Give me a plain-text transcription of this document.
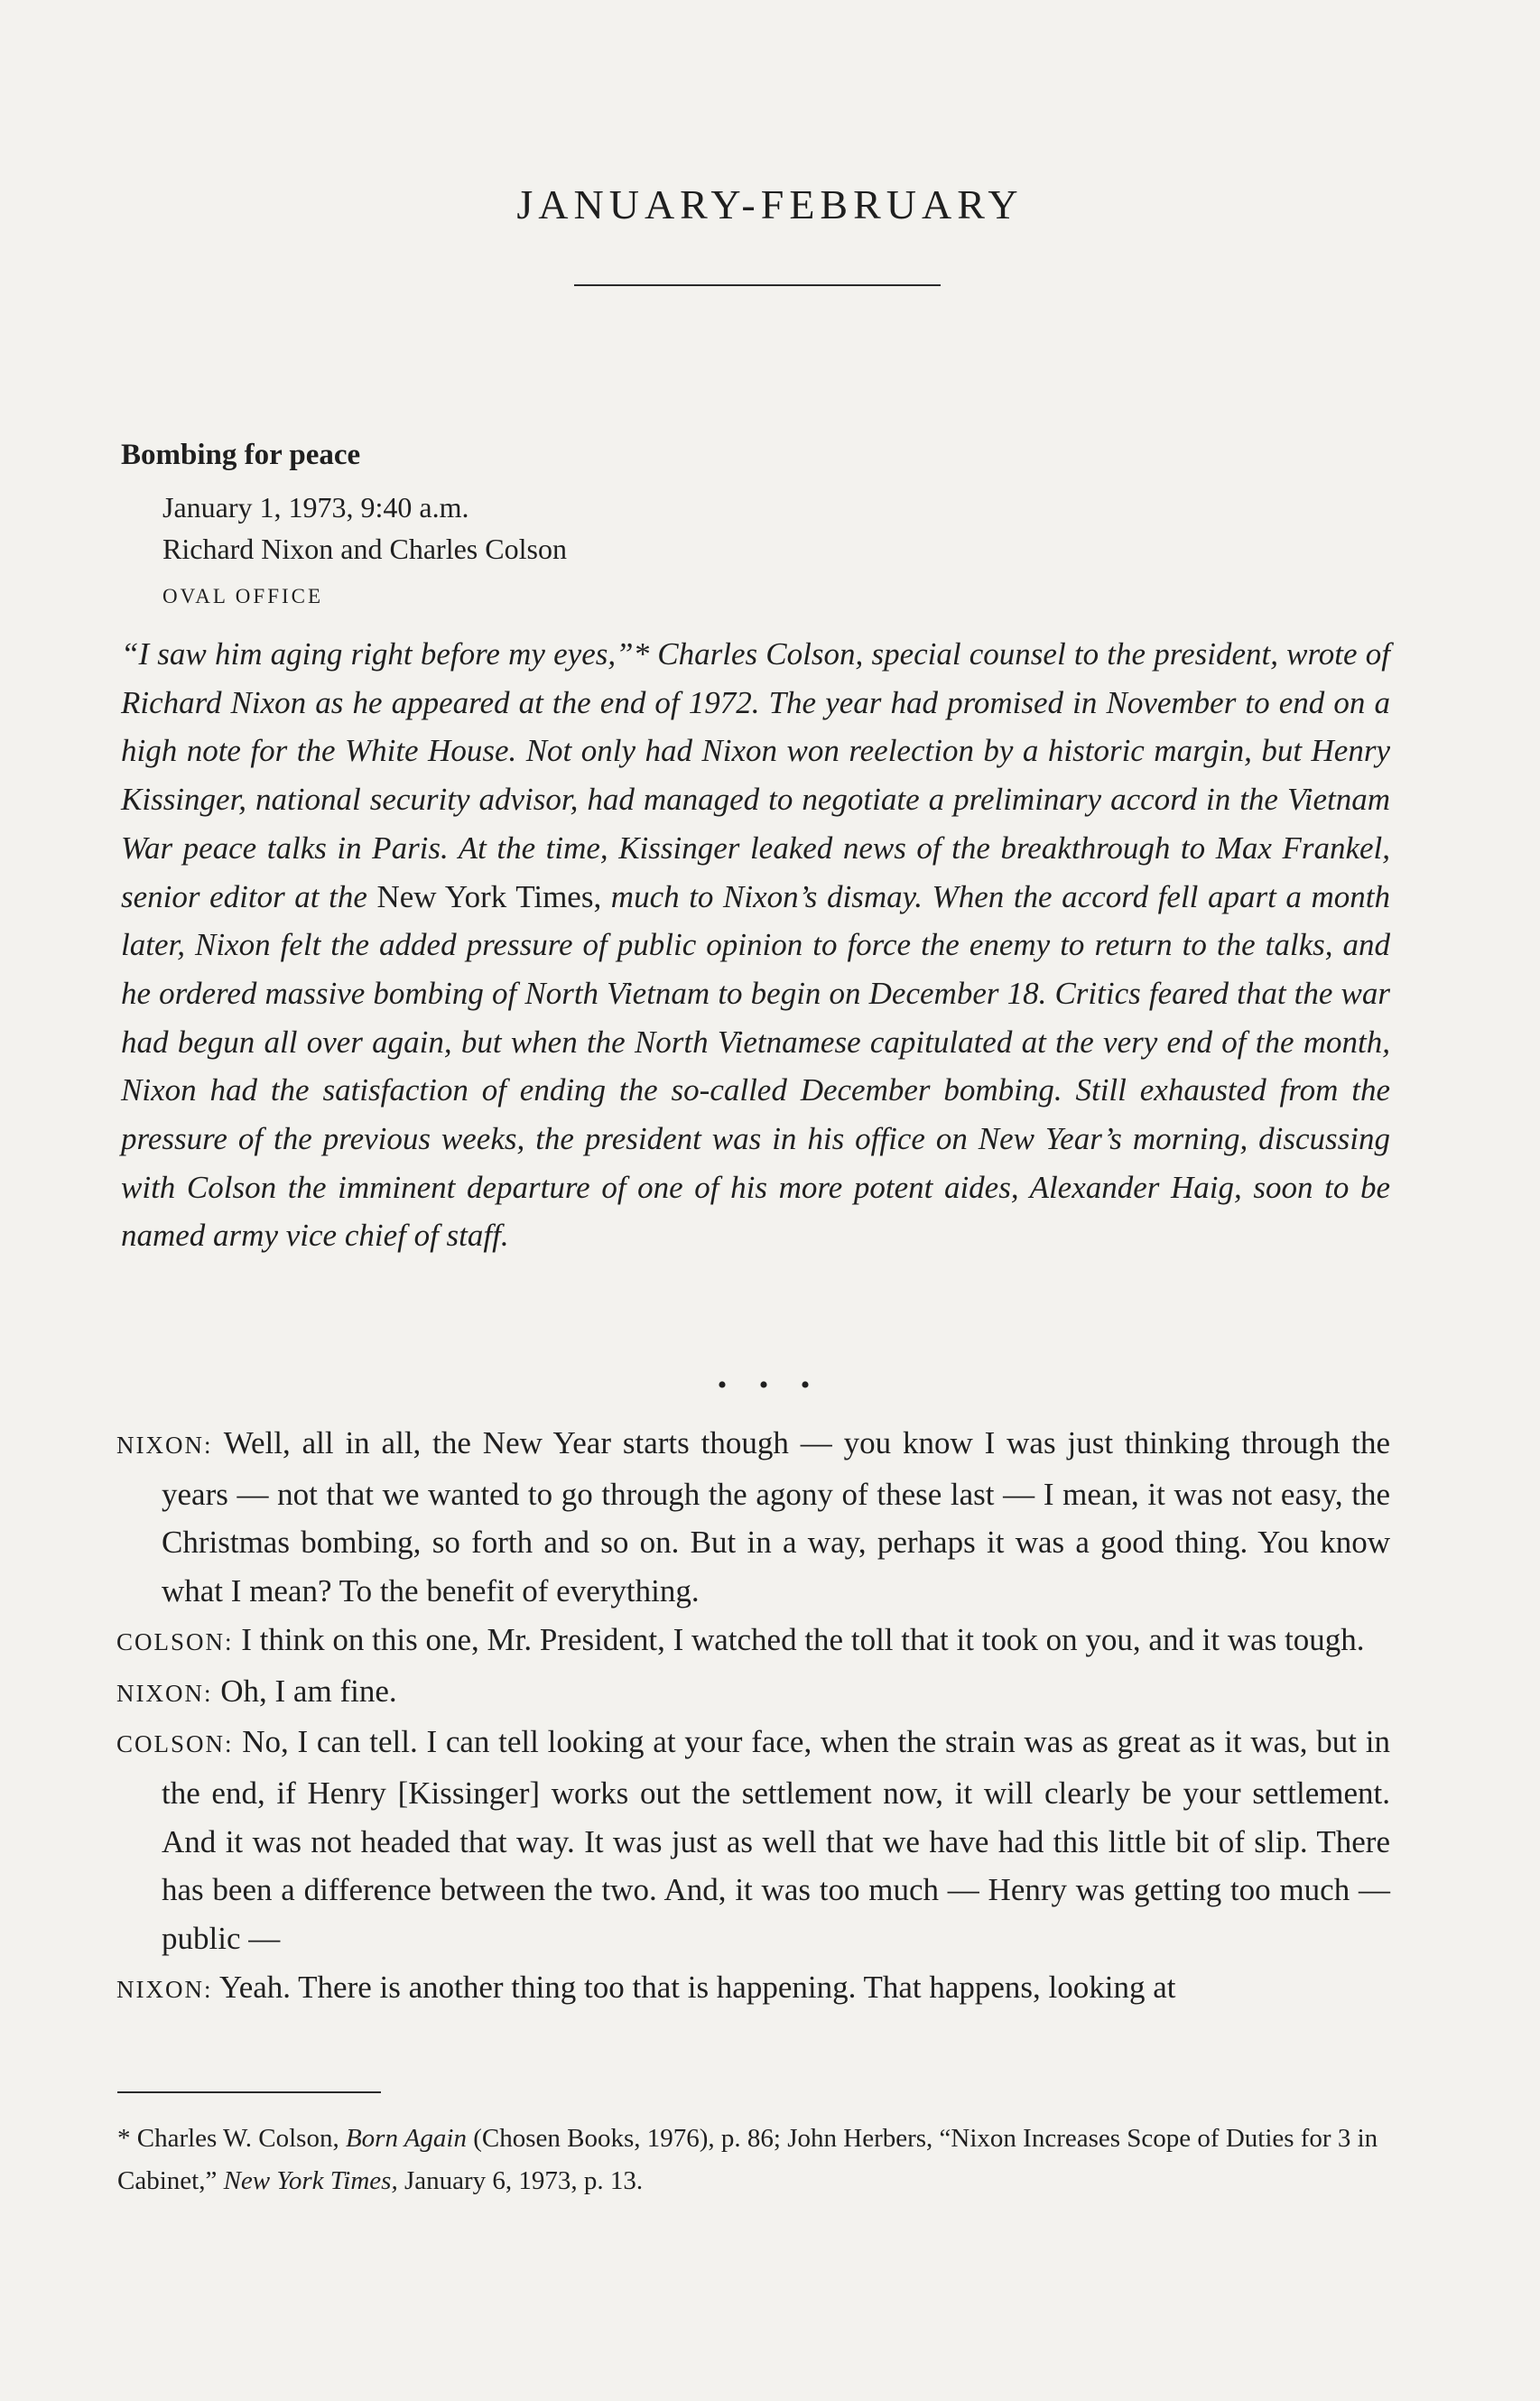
JANUARY-FEBRUARY
Bombing for peace
January 1, 1973, 9:40 a.m.
Richard Nixon and Charles Colson
OVAL OFFICE

“I saw him aging right before my eyes,”* Charles Colson, special counsel to the president, wrote of Richard Nixon as he appeared at the end of 1972. The year had promised in November to end on a high note for the White House. Not only had Nixon won reelection by a historic margin, but Henry Kissinger, national security advisor, had managed to negotiate a preliminary accord in the Vietnam War peace talks in Paris. At the time, Kissinger leaked news of the breakthrough to Max Frankel, senior editor at the New York Times, much to Nixon’s dismay. When the accord fell apart a month later, Nixon felt the added pressure of public opinion to force the enemy to return to the talks, and he ordered massive bombing of North Vietnam to begin on December 18. Critics feared that the war had begun all over again, but when the North Vietnamese capitulated at the very end of the month, Nixon had the satisfaction of ending the so-called December bombing. Still exhausted from the pressure of the previous weeks, the president was in his office on New Year’s morning, discussing with Colson the imminent departure of one of his more potent aides, Alexander Haig, soon to be named army vice chief of staff.

• • •

NIXON: Well, all in all, the New Year starts though — you know I was just thinking through the years — not that we wanted to go through the agony of these last — I mean, it was not easy, the Christmas bombing, so forth and so on. But in a way, perhaps it was a good thing. You know what I mean? To the benefit of everything.

COLSON: I think on this one, Mr. President, I watched the toll that it took on you, and it was tough.

NIXON: Oh, I am fine.

COLSON: No, I can tell. I can tell looking at your face, when the strain was as great as it was, but in the end, if Henry [Kissinger] works out the settlement now, it will clearly be your settlement. And it was not headed that way. It was just as well that we have had this little bit of slip. There has been a difference between the two. And, it was too much — Henry was getting too much — public —

NIXON: Yeah. There is another thing too that is happening. That happens, looking at

* Charles W. Colson, Born Again (Chosen Books, 1976), p. 86; John Herbers, “Nixon Increases Scope of Duties for 3 in Cabinet,” New York Times, January 6, 1973, p. 13.
